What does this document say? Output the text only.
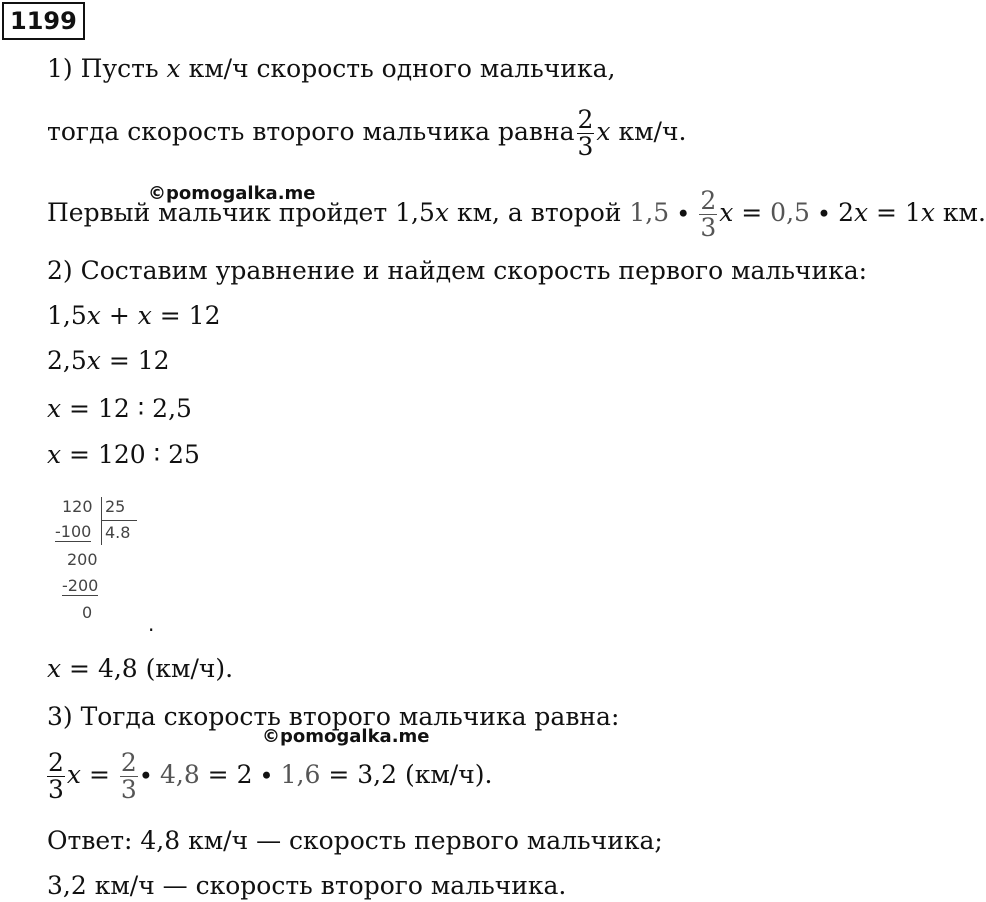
1199
1) Пусть x км/ч скорость одного мальчика,
тогда скорость второго мальчика равна $\frac{2}{3}$ x км/ч.
©pomogalka.me
Первый мальчик пройдет 1,5x км, а второй $1,5 \cdot \frac{2}{3}$ x = 0,5 ∙ 2x = 1x км.
2) Составим уравнение и найдем скорость первого мальчика:
1,5x + x = 12
2,5x = 12
x = 12 ∶ 2,5
x = 120 ∶ 25
120 25
-100 4.8
200
-200
0	.
x = 4,8 (км/ч).
3) Тогда скорость второго мальчика равна:
©pomogalka.me
$\frac{2}{3}$ $x = \frac{2}{3} \cdot 4,8 = 2 \cdot 1,6 = 3,2$ (км/ч).
Ответ: 4,8 км/ч — скорость первого мальчика;
3,2 км/ч — скорость второго мальчика.
